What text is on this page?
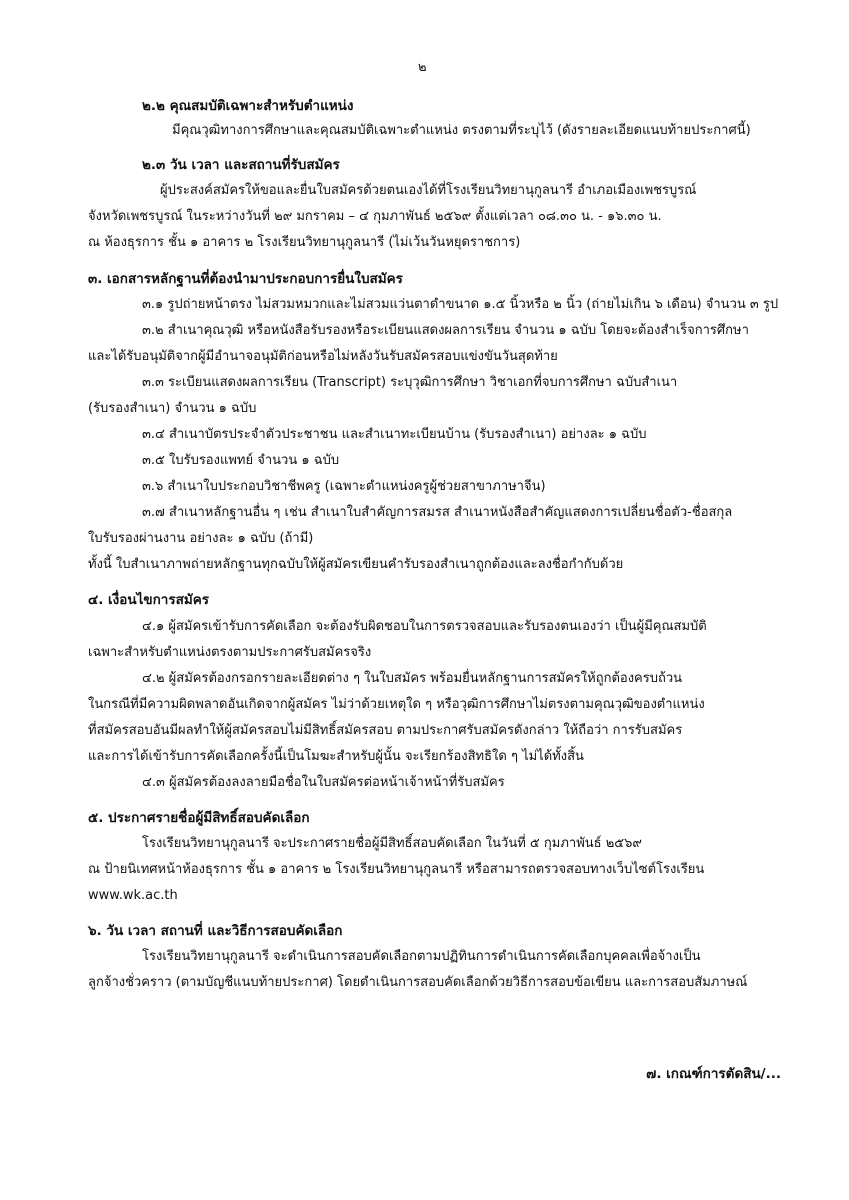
๒
๒.๒ คุณสมบัติเฉพาะสำหรับตำแหน่ง
มีคุณวุฒิทางการศึกษาและคุณสมบัติเฉพาะตำแหน่ง ตรงตามที่ระบุไว้ (ดังรายละเอียดแนบท้ายประกาศนี้)
๒.๓ วัน เวลา และสถานที่รับสมัคร
ผู้ประสงค์สมัครให้ขอและยื่นใบสมัครด้วยตนเองได้ที่โรงเรียนวิทยานุกูลนารี อำเภอเมืองเพชรบูรณ์
จังหวัดเพชรบูรณ์ ในระหว่างวันที่ ๒๙ มกราคม – ๔ กุมภาพันธ์ ๒๕๖๙ ตั้งแต่เวลา ๐๘.๓๐ น. - ๑๖.๓๐ น.
ณ ห้องธุรการ ชั้น ๑ อาคาร ๒ โรงเรียนวิทยานุกูลนารี (ไม่เว้นวันหยุดราชการ)
๓. เอกสารหลักฐานที่ต้องนำมาประกอบการยื่นใบสมัคร
๓.๑ รูปถ่ายหน้าตรง ไม่สวมหมวกและไม่สวมแว่นตาดำขนาด ๑.๕ นิ้วหรือ ๒ นิ้ว (ถ่ายไม่เกิน ๖ เดือน) จำนวน ๓ รูป
๓.๒ สำเนาคุณวุฒิ หรือหนังสือรับรองหรือระเบียนแสดงผลการเรียน จำนวน ๑ ฉบับ โดยจะต้องสำเร็จการศึกษา
และได้รับอนุมัติจากผู้มีอำนาจอนุมัติก่อนหรือไม่หลังวันรับสมัครสอบแข่งขันวันสุดท้าย
๓.๓ ระเบียนแสดงผลการเรียน (Transcript) ระบุวุฒิการศึกษา วิชาเอกที่จบการศึกษา ฉบับสำเนา
(รับรองสำเนา) จำนวน ๑ ฉบับ
๓.๔ สำเนาบัตรประจำตัวประชาชน และสำเนาทะเบียนบ้าน (รับรองสำเนา) อย่างละ ๑ ฉบับ
๓.๕ ใบรับรองแพทย์ จำนวน ๑ ฉบับ
๓.๖ สำเนาใบประกอบวิชาชีพครู (เฉพาะตำแหน่งครูผู้ช่วยสาขาภาษาจีน)
๓.๗ สำเนาหลักฐานอื่น ๆ เช่น สำเนาใบสำคัญการสมรส สำเนาหนังสือสำคัญแสดงการเปลี่ยนชื่อตัว-ชื่อสกุล
ใบรับรองผ่านงาน อย่างละ ๑ ฉบับ (ถ้ามี)
ทั้งนี้ ใบสำเนาภาพถ่ายหลักฐานทุกฉบับให้ผู้สมัครเขียนคำรับรองสำเนาถูกต้องและลงชื่อกำกับด้วย
๔. เงื่อนไขการสมัคร
๔.๑ ผู้สมัครเข้ารับการคัดเลือก จะต้องรับผิดชอบในการตรวจสอบและรับรองตนเองว่า เป็นผู้มีคุณสมบัติ
เฉพาะสำหรับตำแหน่งตรงตามประกาศรับสมัครจริง
๔.๒ ผู้สมัครต้องกรอกรายละเอียดต่าง ๆ ในใบสมัคร พร้อมยื่นหลักฐานการสมัครให้ถูกต้องครบถ้วน
ในกรณีที่มีความผิดพลาดอันเกิดจากผู้สมัคร ไม่ว่าด้วยเหตุใด ๆ หรือวุฒิการศึกษาไม่ตรงตามคุณวุฒิของตำแหน่ง
ที่สมัครสอบอันมีผลทำให้ผู้สมัครสอบไม่มีสิทธิ์สมัครสอบ ตามประกาศรับสมัครดังกล่าว ให้ถือว่า การรับสมัคร
และการได้เข้ารับการคัดเลือกครั้งนี้เป็นโมฆะสำหรับผู้นั้น จะเรียกร้องสิทธิใด ๆ ไม่ได้ทั้งสิ้น
๔.๓ ผู้สมัครต้องลงลายมือชื่อในใบสมัครต่อหน้าเจ้าหน้าที่รับสมัคร
๕. ประกาศรายชื่อผู้มีสิทธิ์สอบคัดเลือก
โรงเรียนวิทยานุกูลนารี จะประกาศรายชื่อผู้มีสิทธิ์สอบคัดเลือก ในวันที่ ๕ กุมภาพันธ์ ๒๕๖๙
ณ ป้ายนิเทศหน้าห้องธุรการ ชั้น ๑ อาคาร ๒ โรงเรียนวิทยานุกูลนารี หรือสามารถตรวจสอบทางเว็บไซต์โรงเรียน
www.wk.ac.th
๖. วัน เวลา สถานที่ และวิธีการสอบคัดเลือก
โรงเรียนวิทยานุกูลนารี จะดำเนินการสอบคัดเลือกตามปฏิทินการดำเนินการคัดเลือกบุคคลเพื่อจ้างเป็น
ลูกจ้างชั่วคราว (ตามบัญชีแนบท้ายประกาศ) โดยดำเนินการสอบคัดเลือกด้วยวิธีการสอบข้อเขียน และการสอบสัมภาษณ์
๗. เกณฑ์การตัดสิน/...
